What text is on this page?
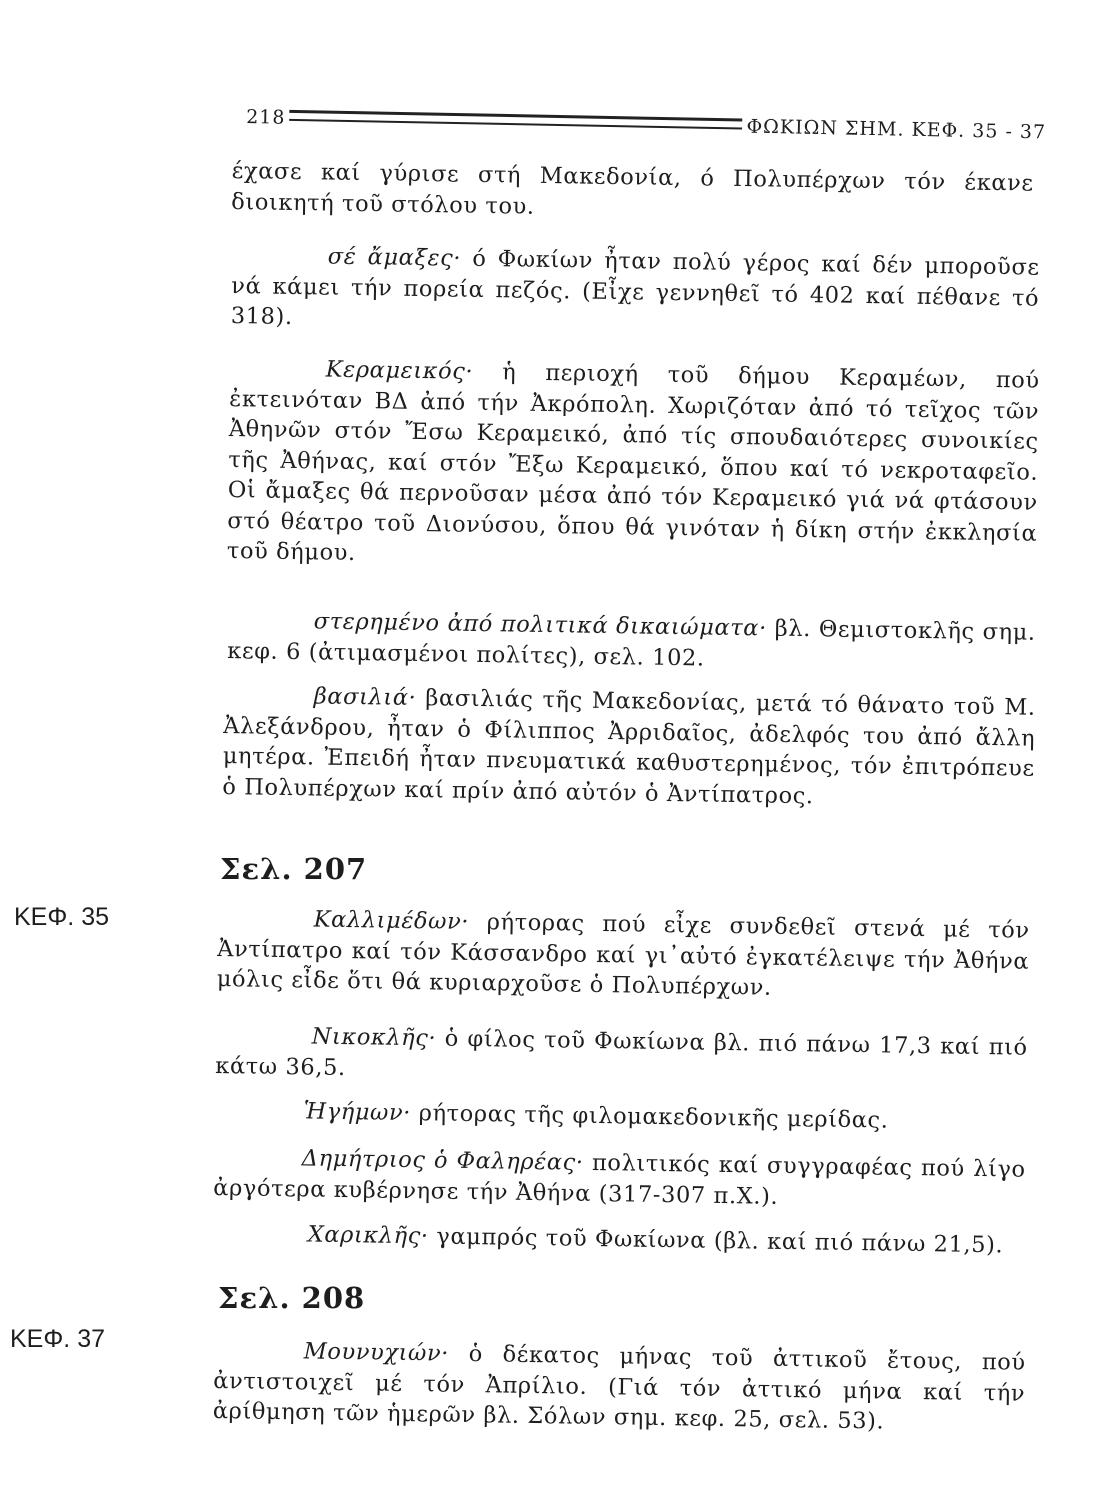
218	ΦΩΚΙΩΝ ΣΗΜ. ΚΕΦ. 35 - 37

έχασε καί γύρισε στή Μακεδονία, ό Πολυπέρχων τόν έκανε διοικητή τοῦ στόλου του.

σέ ἄμαξες· ό Φωκίων ἦταν πολύ γέρος καί δέν μποροῦσε νά κάμει τήν πορεία πεζός. (Εἶχε γεννηθεῖ τό 402 καί πέθανε τό 318).

Κεραμεικός· ἡ περιοχή τοῦ δήμου Κεραμέων, πού ἐκτεινόταν ΒΔ ἀπό τήν Ἀκρόπολη. Χωριζόταν ἀπό τό τεῖχος τῶν Ἀθηνῶν στόν Ἔσω Κεραμεικό, ἀπό τίς σπουδαιότερες συνοικίες τῆς Ἀθήνας, καί στόν Ἔξω Κεραμεικό, ὅπου καί τό νεκροταφεῖο. Οἱ ἄμαξες θά περνοῦσαν μέσα ἀπό τόν Κεραμεικό γιά νά φτάσουν στό θέατρο τοῦ Διονύσου, ὅπου θά γινόταν ἡ δίκη στήν ἐκκλησία τοῦ δήμου.

στερημένο ἀπό πολιτικά δικαιώματα· βλ. Θεμιστοκλῆς σημ. κεφ. 6 (ἀτιμασμένοι πολίτες), σελ. 102.

βασιλιά· βασιλιάς τῆς Μακεδονίας, μετά τό θάνατο τοῦ Μ. Ἀλεξάνδρου, ἦταν ὁ Φίλιππος Ἀρριδαῖος, ἀδελφός του ἀπό ἄλλη μητέρα. Ἐπειδή ἦταν πνευματικά καθυστερημένος, τόν ἐπιτρόπευε ὁ Πολυπέρχων καί πρίν ἀπό αὐτόν ὁ Ἀντίπατρος.

Σελ. 207
ΚΕΦ. 35	Καλλιμέδων· ρήτορας πού εἶχε συνδεθεῖ στενά μέ τόν Ἀντίπατρο καί τόν Κάσσανδρο καί γι᾿αὐτό ἐγκατέλειψε τήν Ἀθήνα μόλις εἶδε ὅτι θά κυριαρχοῦσε ὁ Πολυπέρχων.

Νικοκλῆς· ὁ φίλος τοῦ Φωκίωνα βλ. πιό πάνω 17,3 καί πιό κάτω 36,5.

Ἡγήμων· ρήτορας τῆς φιλομακεδονικῆς μερίδας.

Δημήτριος ὁ Φαληρέας· πολιτικός καί συγγραφέας πού λίγο ἀργότερα κυβέρνησε τήν Ἀθήνα (317-307 π.Χ.).

Χαρικλῆς· γαμπρός τοῦ Φωκίωνα (βλ. καί πιό πάνω 21,5).

Σελ. 208
ΚΕΦ. 37	Μουνυχιών· ὁ δέκατος μήνας τοῦ ἀττικοῦ ἔτους, πού ἀντιστοιχεῖ μέ τόν Ἀπρίλιο. (Γιά τόν ἀττικό μήνα καί τήν ἀρίθμηση τῶν ἡμερῶν βλ. Σόλων σημ. κεφ. 25, σελ. 53).
